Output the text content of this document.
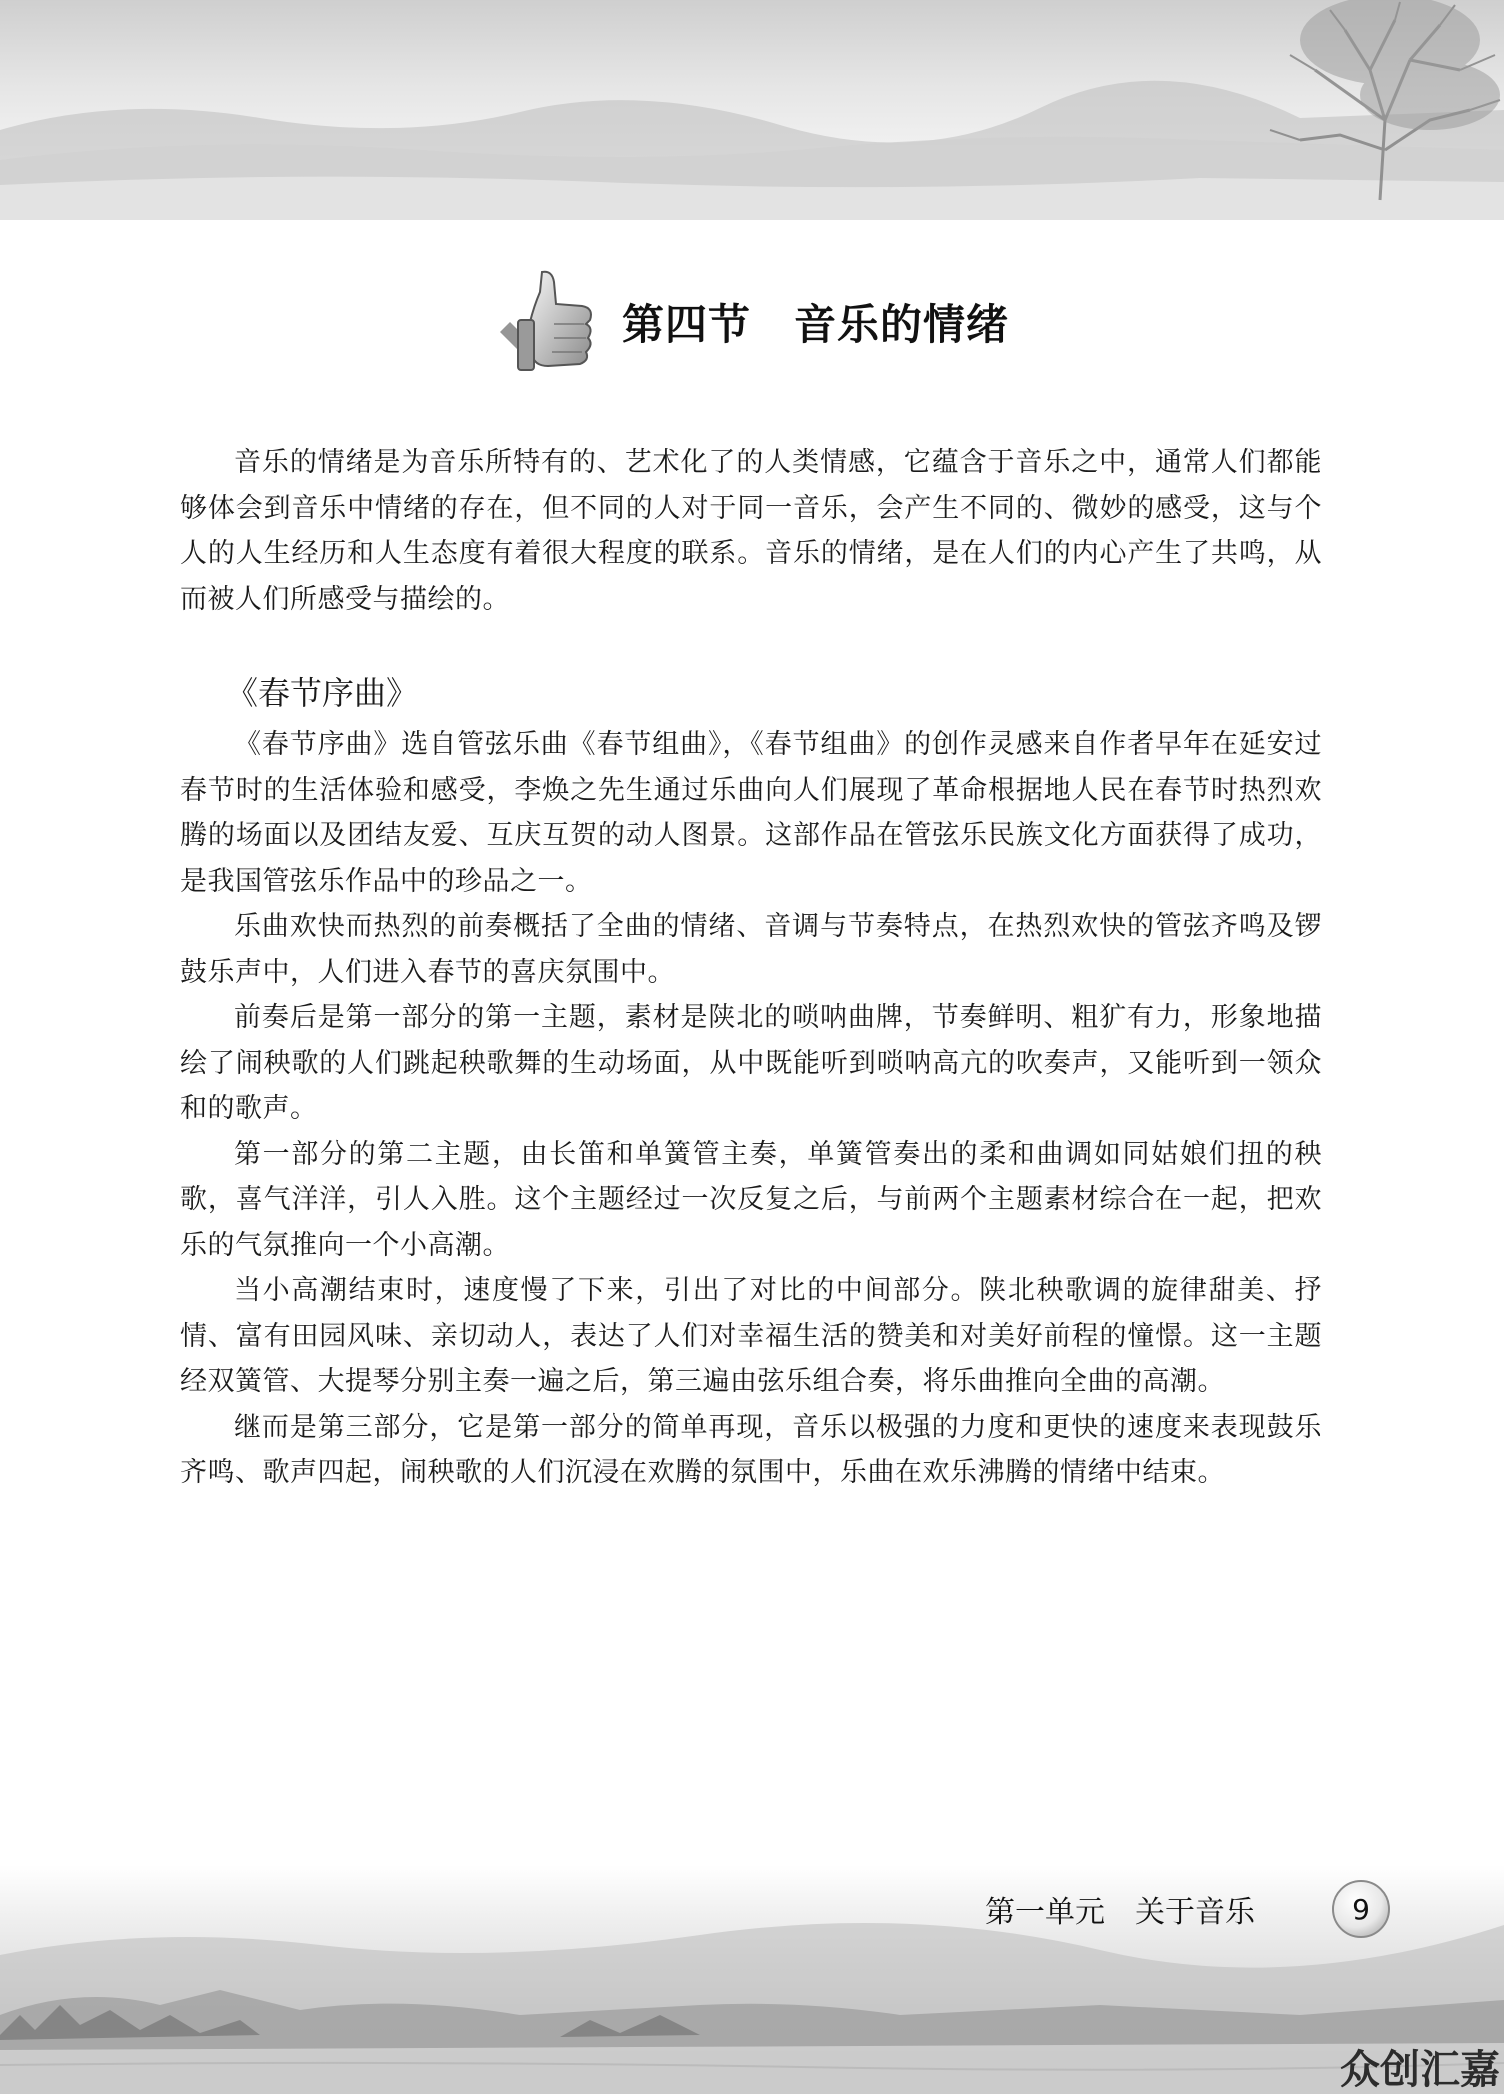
第四节　音乐的情绪

音乐的情绪是为音乐所特有的、艺术化了的人类情感，它蕴含于音乐之中，通常人们都能够体会到音乐中情绪的存在，但不同的人对于同一音乐，会产生不同的、微妙的感受，这与个人的人生经历和人生态度有着很大程度的联系。音乐的情绪，是在人们的内心产生了共鸣，从而被人们所感受与描绘的。

《春节序曲》

《春节序曲》选自管弦乐曲《春节组曲》，《春节组曲》的创作灵感来自作者早年在延安过春节时的生活体验和感受，李焕之先生通过乐曲向人们展现了革命根据地人民在春节时热烈欢腾的场面以及团结友爱、互庆互贺的动人图景。这部作品在管弦乐民族文化方面获得了成功，是我国管弦乐作品中的珍品之一。

乐曲欢快而热烈的前奏概括了全曲的情绪、音调与节奏特点，在热烈欢快的管弦齐鸣及锣鼓乐声中，人们进入春节的喜庆氛围中。

前奏后是第一部分的第一主题，素材是陕北的唢呐曲牌，节奏鲜明、粗犷有力，形象地描绘了闹秧歌的人们跳起秧歌舞的生动场面，从中既能听到唢呐高亢的吹奏声，又能听到一领众和的歌声。

第一部分的第二主题，由长笛和单簧管主奏，单簧管奏出的柔和曲调如同姑娘们扭的秧歌，喜气洋洋，引人入胜。这个主题经过一次反复之后，与前两个主题素材综合在一起，把欢乐的气氛推向一个小高潮。

当小高潮结束时，速度慢了下来，引出了对比的中间部分。陕北秧歌调的旋律甜美、抒情、富有田园风味、亲切动人，表达了人们对幸福生活的赞美和对美好前程的憧憬。这一主题经双簧管、大提琴分别主奏一遍之后，第三遍由弦乐组合奏，将乐曲推向全曲的高潮。

继而是第三部分，它是第一部分的简单再现，音乐以极强的力度和更快的速度来表现鼓乐齐鸣、歌声四起，闹秧歌的人们沉浸在欢腾的氛围中，乐曲在欢乐沸腾的情绪中结束。

第一单元　关于音乐	9
众创汇嘉
